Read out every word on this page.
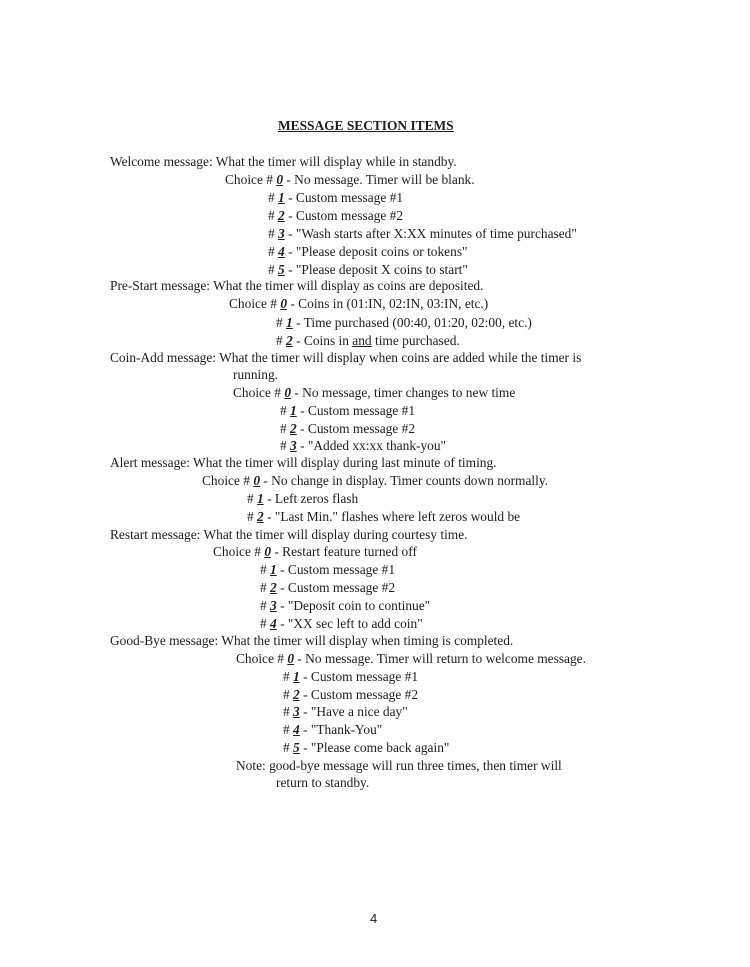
MESSAGE SECTION ITEMS
Welcome message: What the timer will display while in standby.
Choice # 0 - No message. Timer will be blank.
# 1 - Custom message #1
# 2 - Custom message #2
# 3 - "Wash starts after X:XX minutes of time purchased"
# 4 - "Please deposit coins or tokens"
# 5 - "Please deposit X coins to start"
Pre-Start message: What the timer will display as coins are deposited.
Choice # 0 - Coins in (01:IN, 02:IN, 03:IN, etc.)
# 1 - Time purchased (00:40, 01:20, 02:00, etc.)
# 2 - Coins in and time purchased.
Coin-Add message: What the timer will display when coins are added while the timer is
running.
Choice # 0 - No message, timer changes to new time
# 1 - Custom message #1
# 2 - Custom message #2
# 3 - "Added xx:xx thank-you"
Alert message: What the timer will display during last minute of timing.
Choice # 0 - No change in display. Timer counts down normally.
# 1 - Left zeros flash
# 2 - "Last Min." flashes where left zeros would be
Restart message: What the timer will display during courtesy time.
Choice # 0 - Restart feature turned off
# 1 - Custom message #1
# 2 - Custom message #2
# 3 - "Deposit coin to continue"
# 4 - "XX sec left to add coin"
Good-Bye message: What the timer will display when timing is completed.
Choice # 0 - No message. Timer will return to welcome message.
# 1 - Custom message #1
# 2 - Custom message #2
# 3 - "Have a nice day"
# 4 - "Thank-You"
# 5 - "Please come back again"
Note: good-bye message will run three times, then timer will
return to standby.
4
